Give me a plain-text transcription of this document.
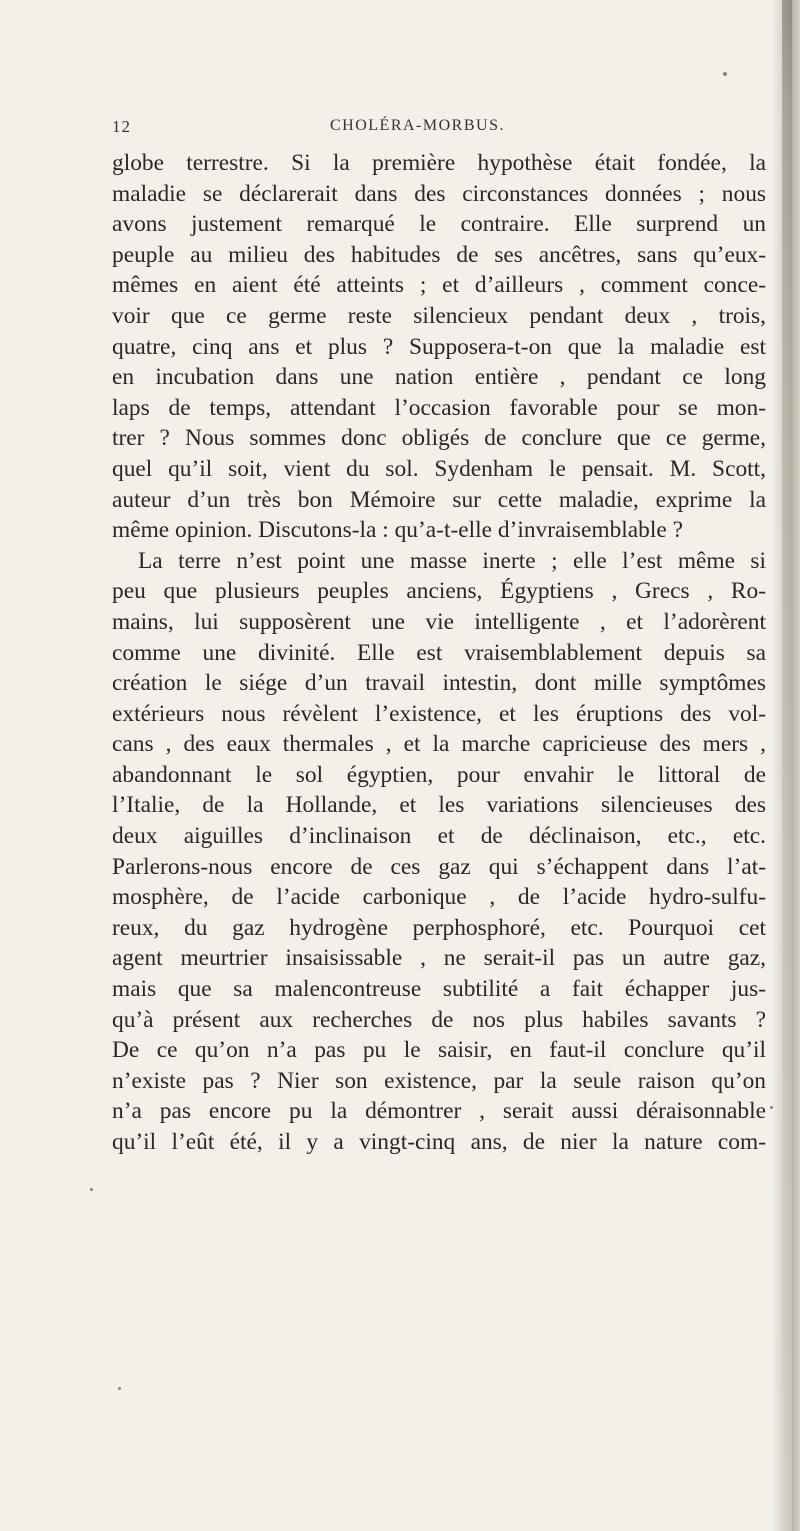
12	CHOLÉRA-MORBUS.
globe terrestre. Si la première hypothèse était fondée, la
maladie se déclarerait dans des circonstances données ; nous
avons justement remarqué le contraire. Elle surprend un
peuple au milieu des habitudes de ses ancêtres, sans qu’eux-
mêmes en aient été atteints ; et d’ailleurs , comment conce-
voir que ce germe reste silencieux pendant deux , trois,
quatre, cinq ans et plus ? Supposera-t-on que la maladie est
en incubation dans une nation entière , pendant ce long
laps de temps, attendant l’occasion favorable pour se mon-
trer ? Nous sommes donc obligés de conclure que ce germe,
quel qu’il soit, vient du sol. Sydenham le pensait. M. Scott,
auteur d’un très bon Mémoire sur cette maladie, exprime la
même opinion. Discutons-la : qu’a-t-elle d’invraisemblable ?
La terre n’est point une masse inerte ; elle l’est même si
peu que plusieurs peuples anciens, Égyptiens , Grecs , Ro-
mains, lui supposèrent une vie intelligente , et l’adorèrent
comme une divinité. Elle est vraisemblablement depuis sa
création le siége d’un travail intestin, dont mille symptômes
extérieurs nous révèlent l’existence, et les éruptions des vol-
cans , des eaux thermales , et la marche capricieuse des mers ,
abandonnant le sol égyptien, pour envahir le littoral de
l’Italie, de la Hollande, et les variations silencieuses des
deux aiguilles d’inclinaison et de déclinaison, etc., etc.
Parlerons-nous encore de ces gaz qui s’échappent dans l’at-
mosphère, de l’acide carbonique , de l’acide hydro-sulfu-
reux, du gaz hydrogène perphosphoré, etc. Pourquoi cet
agent meurtrier insaisissable , ne serait-il pas un autre gaz,
mais que sa malencontreuse subtilité a fait échapper jus-
qu’à présent aux recherches de nos plus habiles savants ?
De ce qu’on n’a pas pu le saisir, en faut-il conclure qu’il
n’existe pas ? Nier son existence, par la seule raison qu’on
n’a pas encore pu la démontrer , serait aussi déraisonnable
qu’il l’eût été, il y a vingt-cinq ans, de nier la nature com-
